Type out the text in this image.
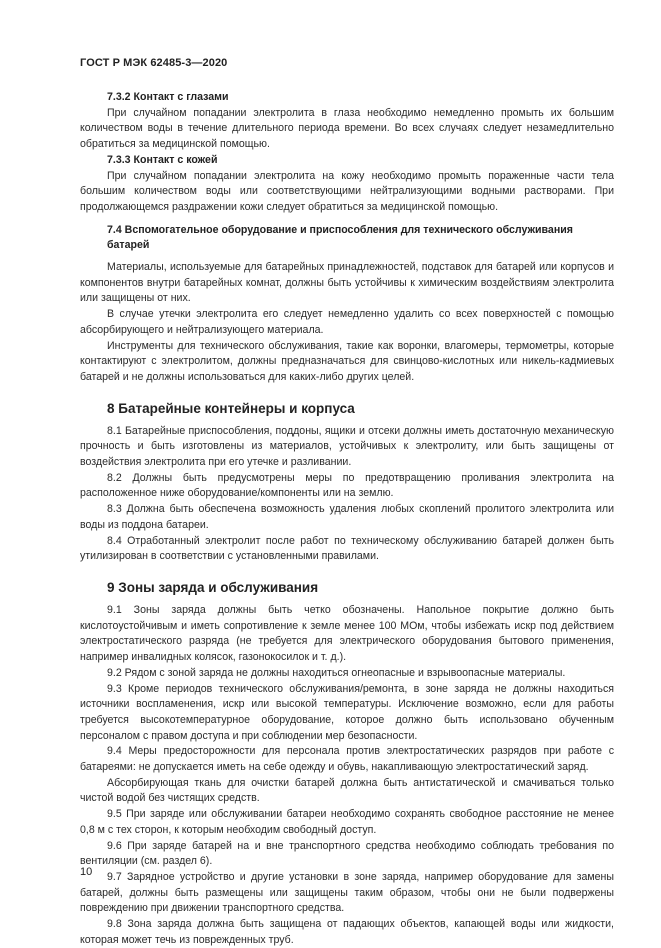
ГОСТ Р МЭК 62485-3—2020
7.3.2 Контакт с глазами

При случайном попадании электролита в глаза необходимо немедленно промыть их большим количеством воды в течение длительного периода времени. Во всех случаях следует незамедлительно обратиться за медицинской помощью.

7.3.3 Контакт с кожей

При случайном попадании электролита на кожу необходимо промыть пораженные части тела большим количеством воды или соответствующими нейтрализующими водными растворами. При продолжающемся раздражении кожи следует обратиться за медицинской помощью.

7.4 Вспомогательное оборудование и приспособления для технического обслуживания батарей

Материалы, используемые для батарейных принадлежностей, подставок для батарей или корпусов и компонентов внутри батарейных комнат, должны быть устойчивы к химическим воздействиям электролита или защищены от них.

В случае утечки электролита его следует немедленно удалить со всех поверхностей с помощью абсорбирующего и нейтрализующего материала.

Инструменты для технического обслуживания, такие как воронки, влагомеры, термометры, которые контактируют с электролитом, должны предназначаться для свинцово-кислотных или никель-кадмиевых батарей и не должны использоваться для каких-либо других целей.

8 Батарейные контейнеры и корпуса

8.1 Батарейные приспособления, поддоны, ящики и отсеки должны иметь достаточную механическую прочность и быть изготовлены из материалов, устойчивых к электролиту, или быть защищены от воздействия электролита при его утечке и разливании.

8.2 Должны быть предусмотрены меры по предотвращению проливания электролита на расположенное ниже оборудование/компоненты или на землю.

8.3 Должна быть обеспечена возможность удаления любых скоплений пролитого электролита или воды из поддона батареи.

8.4 Отработанный электролит после работ по техническому обслуживанию батарей должен быть утилизирован в соответствии с установленными правилами.

9 Зоны заряда и обслуживания

9.1 Зоны заряда должны быть четко обозначены. Напольное покрытие должно быть кислотоустойчивым и иметь сопротивление к земле менее 100 МОм, чтобы избежать искр под действием электростатического разряда (не требуется для электрического оборудования бытового применения, например инвалидных колясок, газонокосилок и т. д.).

9.2 Рядом с зоной заряда не должны находиться огнеопасные и взрывоопасные материалы.

9.3 Кроме периодов технического обслуживания/ремонта, в зоне заряда не должны находиться источники воспламенения, искр или высокой температуры. Исключение возможно, если для работы требуется высокотемпературное оборудование, которое должно быть использовано обученным персоналом с правом доступа и при соблюдении мер безопасности.

9.4 Меры предосторожности для персонала против электростатических разрядов при работе с батареями: не допускается иметь на себе одежду и обувь, накапливающую электростатический заряд.

Абсорбирующая ткань для очистки батарей должна быть антистатической и смачиваться только чистой водой без чистящих средств.

9.5 При заряде или обслуживании батареи необходимо сохранять свободное расстояние не менее 0,8 м с тех сторон, к которым необходим свободный доступ.

9.6 При заряде батарей на и вне транспортного средства необходимо соблюдать требования по вентиляции (см. раздел 6).

9.7 Зарядное устройство и другие установки в зоне заряда, например оборудование для замены батарей, должны быть размещены или защищены таким образом, чтобы они не были подвержены повреждению при движении транспортного средства.

9.8 Зона заряда должна быть защищена от падающих объектов, капающей воды или жидкости, которая может течь из поврежденных труб.

10
